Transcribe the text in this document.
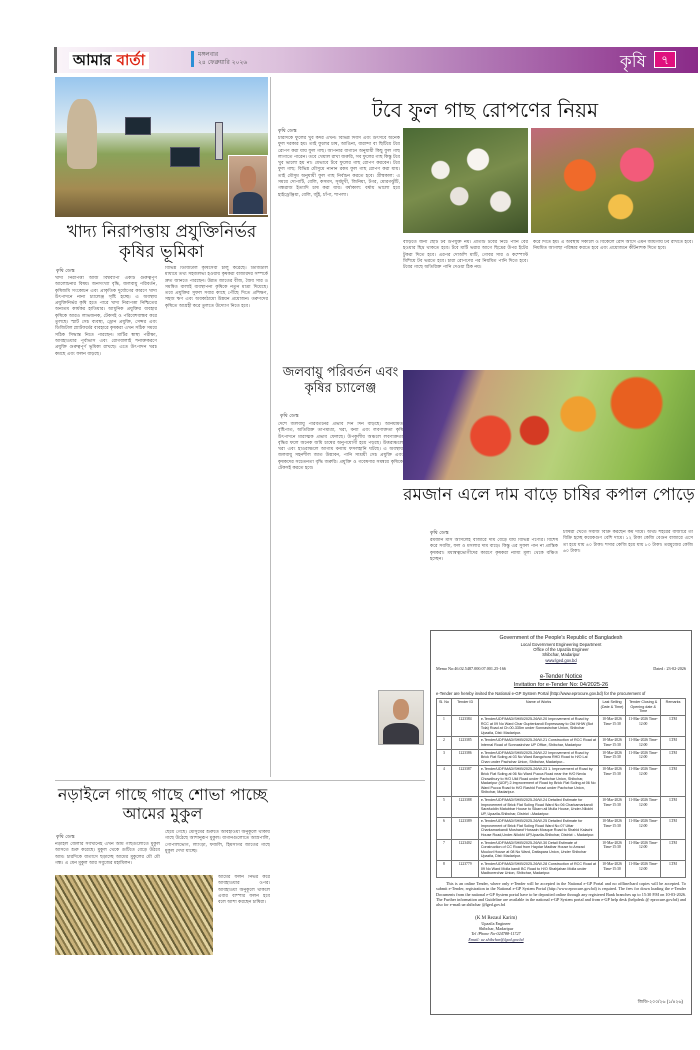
আমার বার্তা	মঙ্গলবার
২৪ ফেব্রুয়ারি ২০২৬	কৃষি	৭
খাদ্য নিরাপত্তায় প্রযুক্তিনির্ভর কৃষির ভূমিকা
কৃষি ডেস্ক
খাদ্য নিরাপত্তা আজ বিশ্বব্যাপী একটি গুরুত্বপূর্ণ আলোচনার বিষয়। জনসংখ্যা বৃদ্ধি, জলবায়ু পরিবর্তন, কৃষিজমি সংকোচন এবং প্রাকৃতিক দুর্যোগের কারণে খাদ্য উৎপাদনে নানা চ্যালেঞ্জ সৃষ্টি হচ্ছে। এ অবস্থায় প্রযুক্তিনির্ভর কৃষি হতে পারে খাদ্য নিরাপত্তা নিশ্চিতের অন্যতম কার্যকর হাতিয়ার। আধুনিক প্রযুক্তির ব্যবহার কৃষিকে আরও লাভজনক, টেকসই ও পরিবেশবান্ধব করে তুলছে। স্মার্ট সেচ ব্যবস্থা, ড্রোন প্রযুক্তি, সেন্সর এবং ডিজিটাল প্ল্যাটফর্মের ব্যবহারে কৃষকরা এখন সঠিক সময়ে সঠিক সিদ্ধান্ত নিতে পারছেন। মাটির স্বাস্থ্য পরীক্ষা, আবহাওয়ার পূর্বাভাস এবং রোগবালাই শনাক্তকরণে প্রযুক্তি গুরুত্বপূর্ণ ভূমিকা রাখছে। এতে উৎপাদন খরচ কমছে এবং ফলন বাড়ছে।
বিভিন্ন ডিজিটাল কৃষিসেবা চালু করেছে। ডিজিটাল মাধ্যমে তথ্য সহজলভ্য হওয়ায় কৃষকরা বাজারদর সম্পর্কে দ্রুত জানতে পারছেন। উন্নত জাতের বীজ, জৈব সার ও সমন্বিত বালাই ব্যবস্থাপনা কৃষিকে নতুন মাত্রা দিয়েছে। তবে প্রযুক্তির সুফল সবার কাছে পৌঁছে দিতে প্রশিক্ষণ, সহজ ঋণ এবং অবকাঠামো উন্নয়ন প্রয়োজন। তরুণদের কৃষিতে আগ্রহী করে তুলতে উদ্যোগ নিতে হবে।
টবে ফুল গাছ রোপণের নিয়ম
কৃষি ডেস্ক
চারদিকে ফুলের খুব কদর এখন। বিভিন্ন দিবস এবং উৎসবে অনেক ফুল দরকার হয়। তাই ফুলের চাষ, আঙিনা, বারান্দা বা ছিটিয়ে টবে রোপণ করা যায় ফুল গাছ। আপনার বাগানে অনুযায়ী কিছু ফুল গাছ লাগাতে পারেন। তবে খেয়াল রাখা জরুরি, সব ফুলের গাছ কিন্তু টবে খুব ভালো হয় না। যেভাবে টবে ফুলের গাছ রোপণ করবেন। টবে ফুল গাছ: বিভিন্ন মৌসুমে নানান রকম ফুল গাছ রোপণ করা যায়। তাই মৌসুম অনুযায়ী ফুল গাছ নির্বাচন করতে হবে। গ্রীষ্মকাল: এ সময়ে দোপাটি, বেলি, কসমস, সূর্যমুখী, জিনিয়া, টগর, মোরগঝুঁটি, গন্ধরাজ ইত্যাদি চাষ করা যায়। বর্ষাকাল: বর্ষায় ভালো হবে হাইড্রেঞ্জিয়া, বেলি, জুঁই, চাঁপা, শাপলা।
বাড়িতে জন্য ছোট টব উপযুক্ত নয়। প্রতিটি টবের নিচে পানি বের হওয়ার ছিদ্র থাকতে হবে। টবে মাটি ভরার আগে ছিদ্রের উপর ইটের টুকরা দিতে হবে। এরপর দোআঁশ মাটি, গোবর সার ও কম্পোস্ট মিশিয়ে টব ভরতে হবে। চারা রোপণের পর নিয়মিত পানি দিতে হবে। টবের গাছে অতিরিক্ত পানি দেওয়া ঠিক নয়।
করে দিতে হয়। এ অবস্থায় সকালে ও বিকেলে রোদ আসে এমন জায়গায় টব রাখতে হবে। নিয়মিত আগাছা পরিষ্কার করতে হবে এবং প্রয়োজনে কীটনাশক দিতে হবে।
জলবায়ু পরিবর্তন এবং কৃষির চ্যালেঞ্জ
কৃষি ডেস্ক
দেশে জলবায়ু পরিবর্তনের প্রভাব দিন দিন বাড়ছে। অনিয়মিত বৃষ্টিপাত, অতিরিক্ত তাপমাত্রা, খরা, বন্যা এবং লবণাক্ততা কৃষি উৎপাদনে মারাত্মক প্রভাব ফেলছে। উপকূলীয় অঞ্চলে লবণাক্ততা বৃদ্ধির ফলে অনেক জমি চাষের অনুপযোগী হয়ে পড়ছে। উত্তরাঞ্চলে খরা এবং হাওরাঞ্চলে আগাম বন্যায় ফসলহানি ঘটছে। এ অবস্থায় জলবায়ু সহনশীল জাত উদ্ভাবন, পানি সাশ্রয়ী সেচ প্রযুক্তি এবং কৃষকদের সচেতনতা বৃদ্ধি জরুরি। প্রযুক্তি ও গবেষণার সমন্বয়ে কৃষিকে টেকসই করতে হবে।
রমজান এলে দাম বাড়ে চাষির কপাল পোড়ে
কৃষি ডেস্ক
রমজান মাস আসলেই বাজারে দাম বেড়ে যায় বিভিন্ন পণ্যের। বিশেষ করে সবজি, ফল ও মসলার দাম বাড়ে। কিন্তু এর সুফল পান না প্রান্তিক কৃষকরা। মধ্যস্বত্বভোগীদের কারণে কৃষকরা ন্যায্য মূল্য থেকে বঞ্চিত হচ্ছেন।
চাষিরা খেতে সবজি বিক্রি করছেন কম দামে। অথচ শহরের বাজারে তা বিক্রি হচ্ছে কয়েকগুণ বেশি দামে। ১২ টাকা কেজি বেগুন বাজারে এসে তা হয়ে যায় ৪০ টাকা। শসার কেজি হয়ে যায় ৮০ টাকা। তরমুজের কেজি ৬০ টাকা।
নড়াইলে গাছে গাছে শোভা পাচ্ছে আমের মুকুল
কৃষি ডেস্ক
নড়াইল জেলার সবখানেই এখন আম গাছগুলোতে মুকুল আসতে শুরু করেছে। মুকুল থেকে গুটিতে বেড়ে উঠবে আম। চারদিকে বাতাসে ছড়াচ্ছে আমের মুকুলের মৌ মৌ গন্ধ। এ যেন মুকুল আর সবুজের মহামিলন।
ছেয়ে গেছে। মৌসুমের শুরুতে আবহাওয়া অনুকূলে থাকায় গাছে উঠেছে আশানুরূপ মুকুল। বাগানগুলোতে আম্রপালি, গোপালভোগ, ল্যাংড়া, ফজলি, হিমসাগর জাতের গাছে মুকুল দেখা যাচ্ছে।
আমের ফলন নির্ভর করে আবহাওয়ার ওপর। আবহাওয়া অনুকূলে থাকলে এবার বাম্পার ফলন হবে বলে আশা করছেন চাষিরা।
Government of the People's Republic of Bangladesh
Local Government Engineering Department
Office of the Upazila Engineer
Shibchar, Madaripur
www.lged.gov.bd
Memo No:46.02.5487.000.07.001.25-166	Dated : 23-02-2026
e-Tender Notice
Invitation for e-Tender No: 04/2025-26
e-Tender are hereby invited the National e-GP System Portal (http://www.eprocure.gov.bd) for the procurement of
Sl. No	Tender ID	Name of Works	Last Selling (Date & Time)	Tender Closing & Opening date & Time	Remarks
1	1223384	e-Tender/UDF/MAD/SHIB/2025-26/W-20 Improvement of Road by RCC at 09 No Ward Char Gupterkandi Expressway to Old NHW (Bot Tola) Road at Ch.00-335m under Sonnasirchar Union, Shibchar Upazila, Dist: Madaripur.	10-Mar-2026 Time-15:30	11-Mar-2026 Time-12:00	LTM
2	1223385	e-Tender/UDF/MAD/SHIB/2025-26/W-21 Construction of RCC Road at Internal Road of Sonnasirchar UP Office, Shibchar, Madaripur	10-Mar-2026 Time-15:30	11-Mar-2026 Time-12:00	LTM
3	1223386	e-Tender/UDF/MAD/SHIB/2025-26/W-22 Improvement of Road by Brick Flat Soling at 03 No Ward Bangchora RHD Road to H/O Lal Chan under Pachchar Union, Shibchar, Madaripur.-	10-Mar-2026 Time-15:30	11-Mar-2026 Time-12:00	LTM
4	1223387	e-Tender/UDF/MAD/SHIB/2025-26/W-23 1. Improvement of Road by Brick Flat Soling at 06 No Ward Pucca Road near the H/O Nevla Chowdhury to H/O Ukil Road under Pachchar Union, Shibchar, Madaripur (UDF) 2.Improvement of Road by Brick Flat Soling at 06 No Ward Pucca Road to H/O Rashid Forazi under Pachchar Union, Shibchar, Madaripur.	10-Mar-2026 Time-15:30	11-Mar-2026 Time-12:00	LTM
5	1223388	e-Tender/UDF/MAD/SHIB/2025-26/W-24 Detailed Estimate for Improvement of Brick Flat Soling Road Ward No 06 Charkamarkandi Sarafuddin Matubbar House to Sikarn ali Mulla House, Under-Nilokhi UP, Upazila-Shibchar, District :-Madaripur.	10-Mar-2026 Time-15:30	11-Mar-2026 Time-12:00	LTM
6	1223389	e-Tender/UDF/MAD/SHIB/2025-26/W-25 Detailed Estimate for Improvement of Brick Flat Soling Road Ward No 07 Uttar Charkamarkandi Mosharof Hossain Mosque Road to Shahid Kalachi House Road,Under-Nilokhi UP,Upazila-Shibchar, District :- Madaripur.	10-Mar-2026 Time-15:30	11-Mar-2026 Time-12:00	LTM
7	1223402	e-Tender/UDF/MAD/SHIB/2025-26/W-30 Detail Estimate of Construction of CC Road from Haydar Madbar House to Amzad Moulovi House at 08 No Ward, Dattapara Union, Under Shibchar Upazila, Dist: Madaripur.	10-Mar-2026 Time-15:30	11-Mar-2026 Time-12:00	LTM
8	1223779	e-Tender/UDF/MAD/SHIB/2025-26/W-28 Construction of RCC Road at 09 No Ward Molla kandi BC Road to H/O Shahjahan Molla under Madborerchar Union, Shibchar, Madaripur.	10-Mar-2026 Time-15:30	11-Mar-2026 Time-12:00	LTM
This is an online Tender, where only e-Tender will be accepted in the National e-GP Portal and no offline/hard copies will be accepted. To submit e-Tender, registration in the National e-GP System Portal (http://www.eprocure.gov.bd) is required. The fees for down loading the e-Tender Documents from the national e-GP System portal have to be deposited online through any registered Bank branches up to 15:30 P.M on 10-03-2026. The Further information and Guideline are available in the national e-GP System portal and from e-GP help desk (helpdesk @ eprocure.gov.bd) and also for e-mail:ue.shibchar @lged.gov.bd
(K M Rezaul Karim)
Upazila Engineer
Shibchar, Madaripur
Tel /Phone No-024788-11727
Email: ue.shibchar@lged.gov.bd
জিডি-২০০/২৬ (১/৪২৬)
